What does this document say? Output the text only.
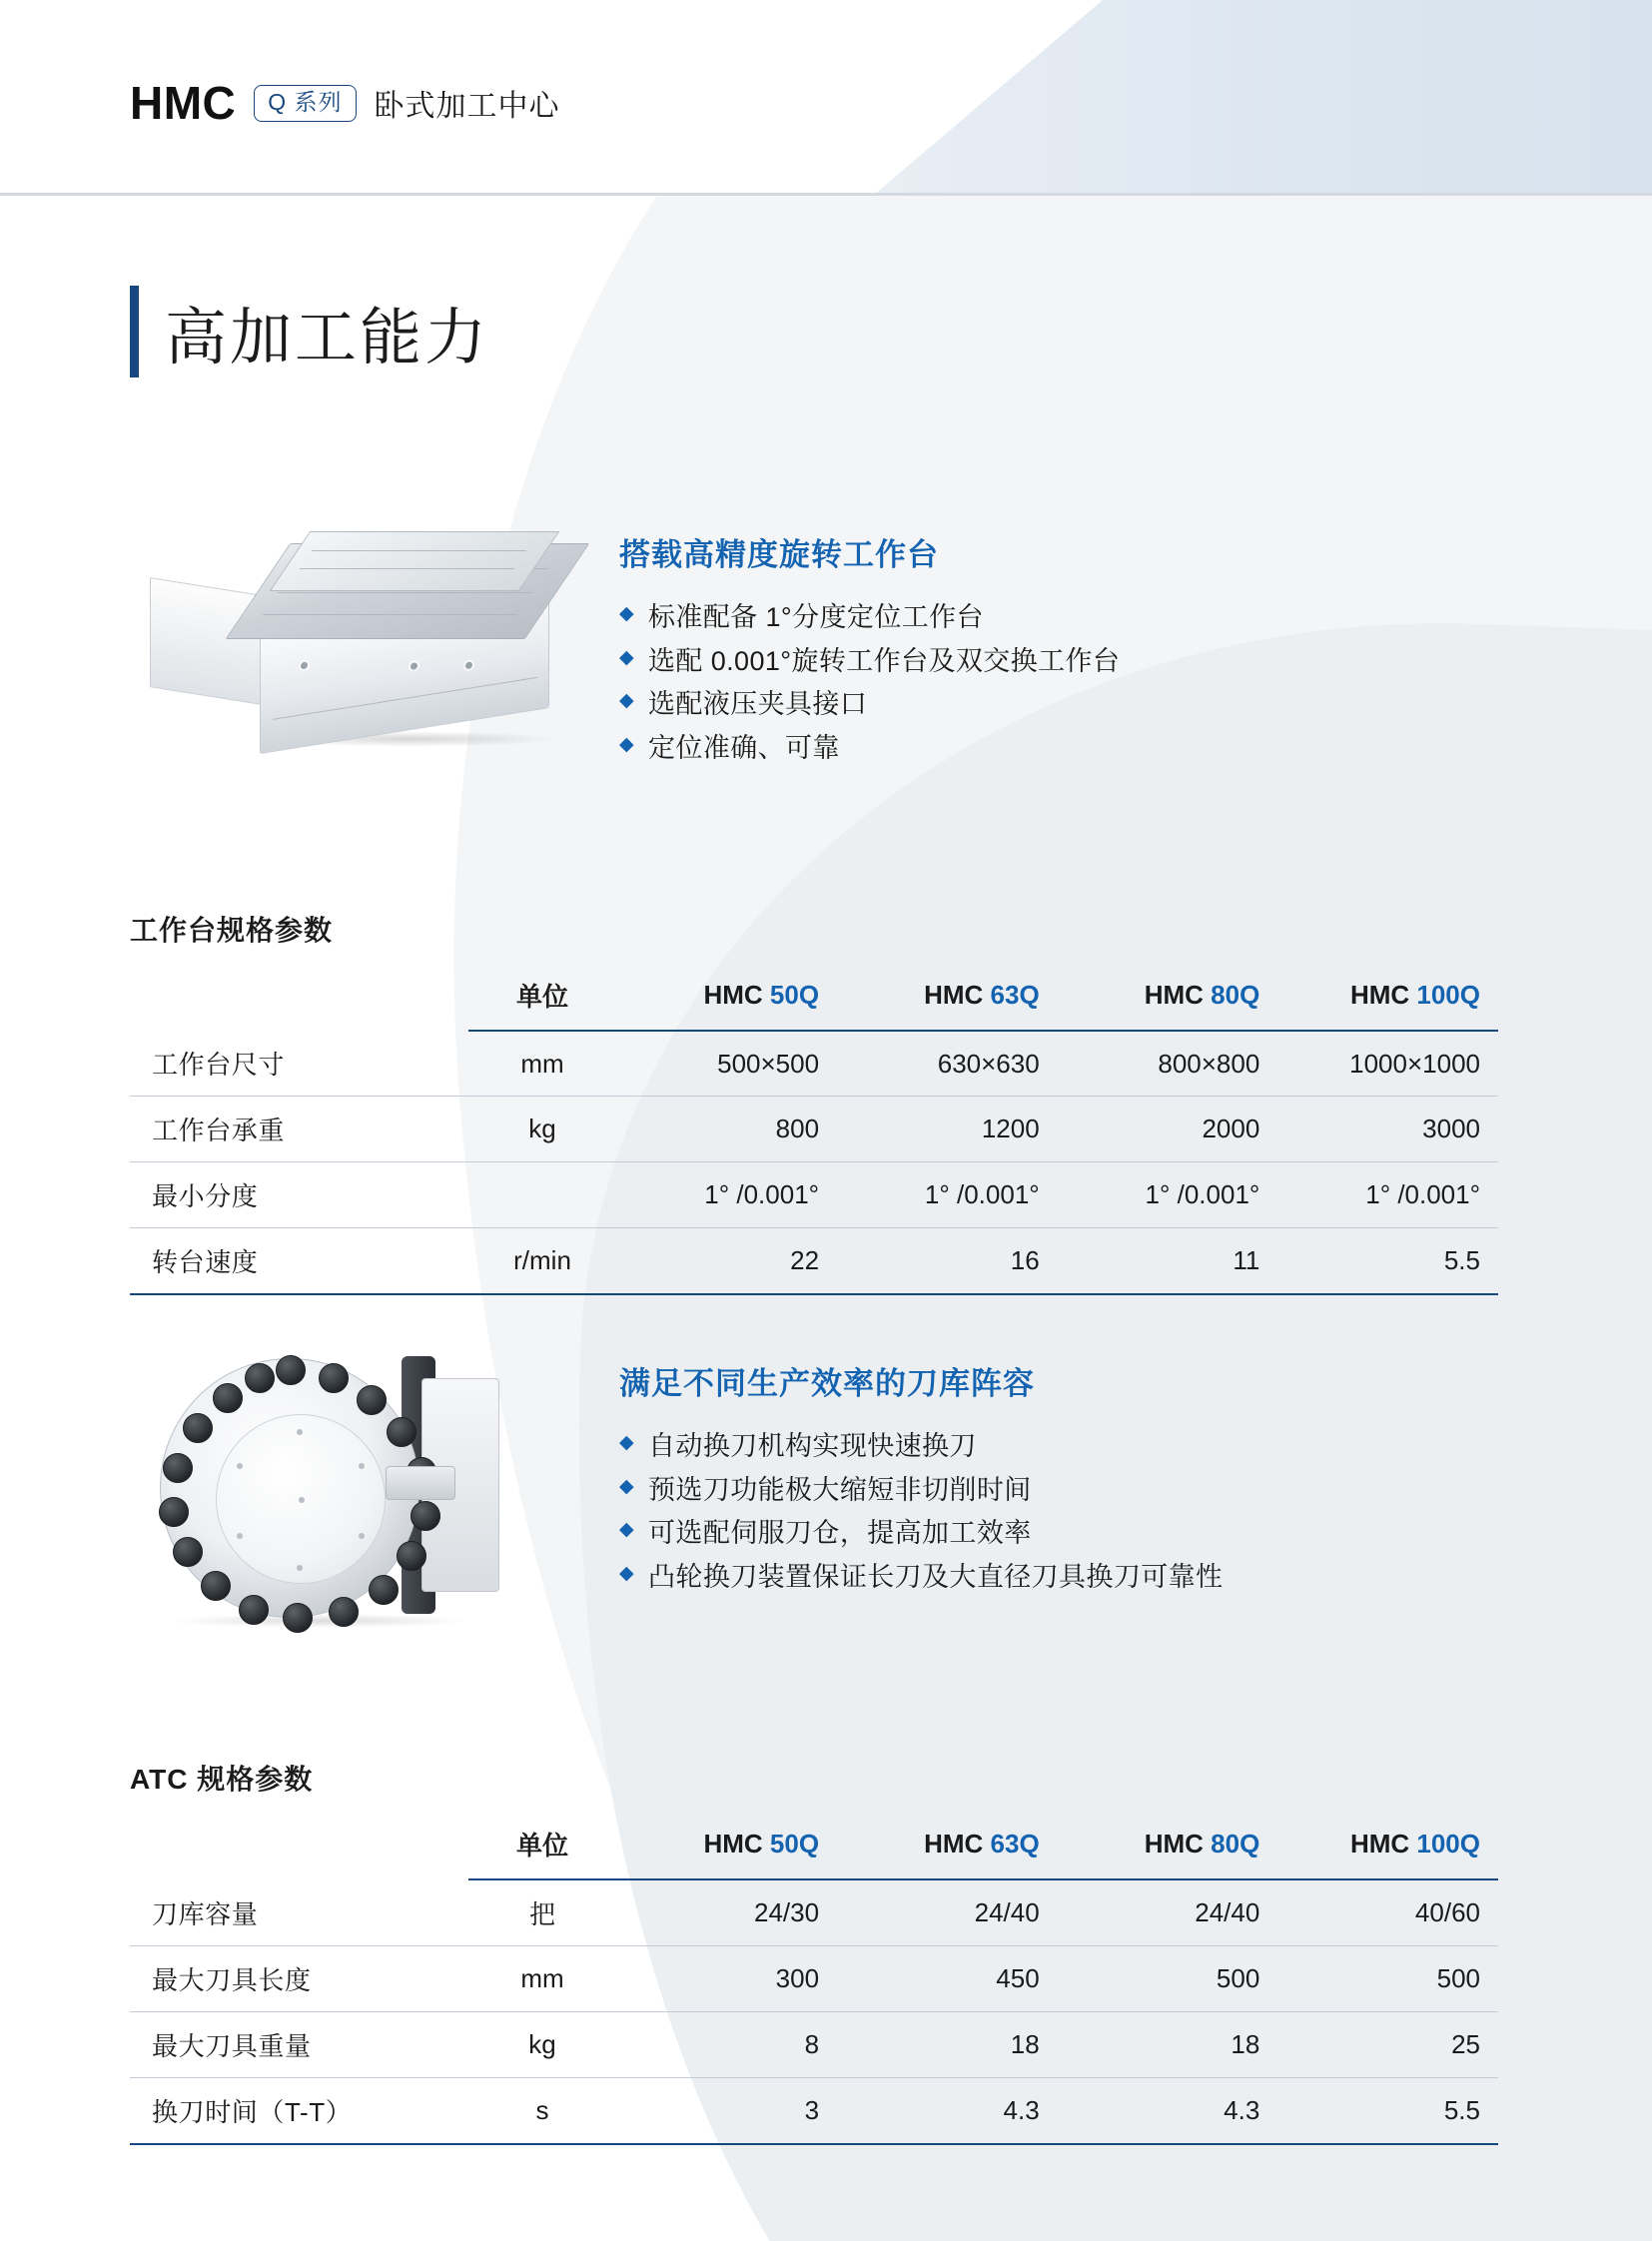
HMC	Q 系列	卧式加工中心
高加工能力
搭载高精度旋转工作台
◆ 标准配备 1°分度定位工作台
◆ 选配 0.001°旋转工作台及双交换工作台
◆ 选配液压夹具接口
◆ 定位准确、可靠
工作台规格参数
	单位	HMC 50Q	HMC 63Q	HMC 80Q	HMC 100Q
工作台尺寸	mm	500×500	630×630	800×800	1000×1000
工作台承重	kg	800	1200	2000	3000
最小分度		1° /0.001°	1° /0.001°	1° /0.001°	1° /0.001°
转台速度	r/min	22	16	11	5.5
满足不同生产效率的刀库阵容
◆ 自动换刀机构实现快速换刀
◆ 预选刀功能极大缩短非切削时间
◆ 可选配伺服刀仓，提高加工效率
◆ 凸轮换刀装置保证长刀及大直径刀具换刀可靠性
ATC 规格参数
	单位	HMC 50Q	HMC 63Q	HMC 80Q	HMC 100Q
刀库容量	把	24/30	24/40	24/40	40/60
最大刀具长度	mm	300	450	500	500
最大刀具重量	kg	8	18	18	25
换刀时间（T-T）	s	3	4.3	4.3	5.5
